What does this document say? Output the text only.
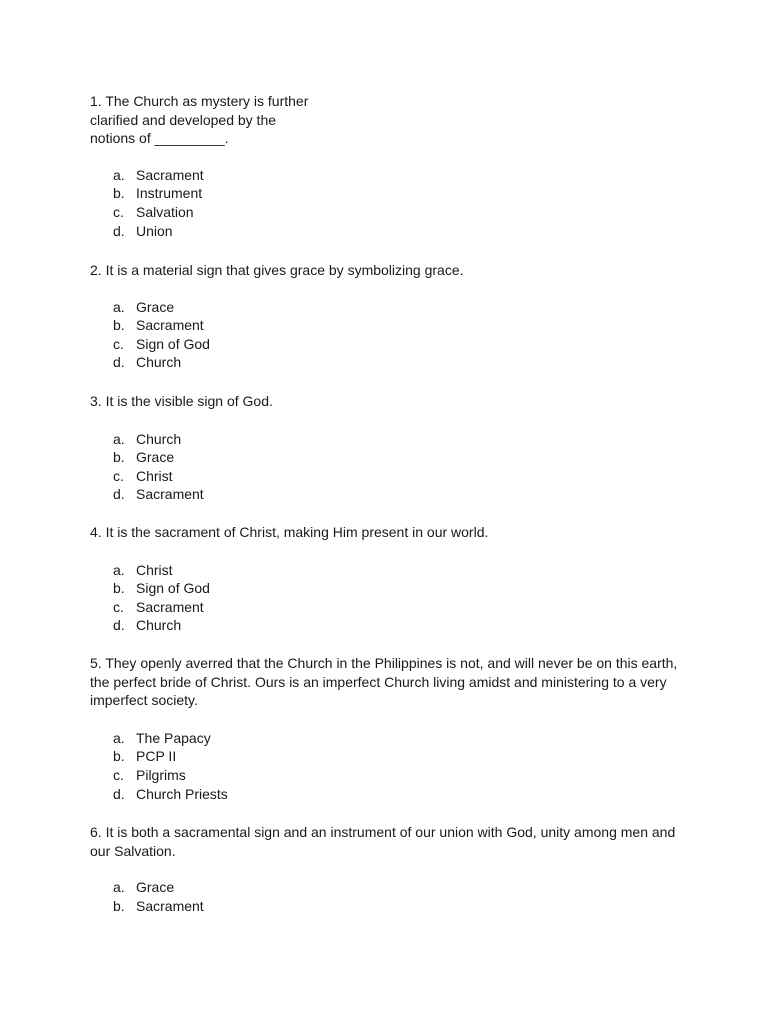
1. The Church as mystery is further
clarified and developed by the
notions of _________.

a. Sacrament
b. Instrument
c. Salvation
d. Union

2. It is a material sign that gives grace by symbolizing grace.

a. Grace
b. Sacrament
c. Sign of God
d. Church

3. It is the visible sign of God.

a. Church
b. Grace
c. Christ
d. Sacrament

4. It is the sacrament of Christ, making Him present in our world.

a. Christ
b. Sign of God
c. Sacrament
d. Church

5. They openly averred that the Church in the Philippines is not, and will never be on this earth,
the perfect bride of Christ. Ours is an imperfect Church living amidst and ministering to a very
imperfect society.

a. The Papacy
b. PCP II
c. Pilgrims
d. Church Priests

6. It is both a sacramental sign and an instrument of our union with God, unity among men and
our Salvation.

a. Grace
b. Sacrament
